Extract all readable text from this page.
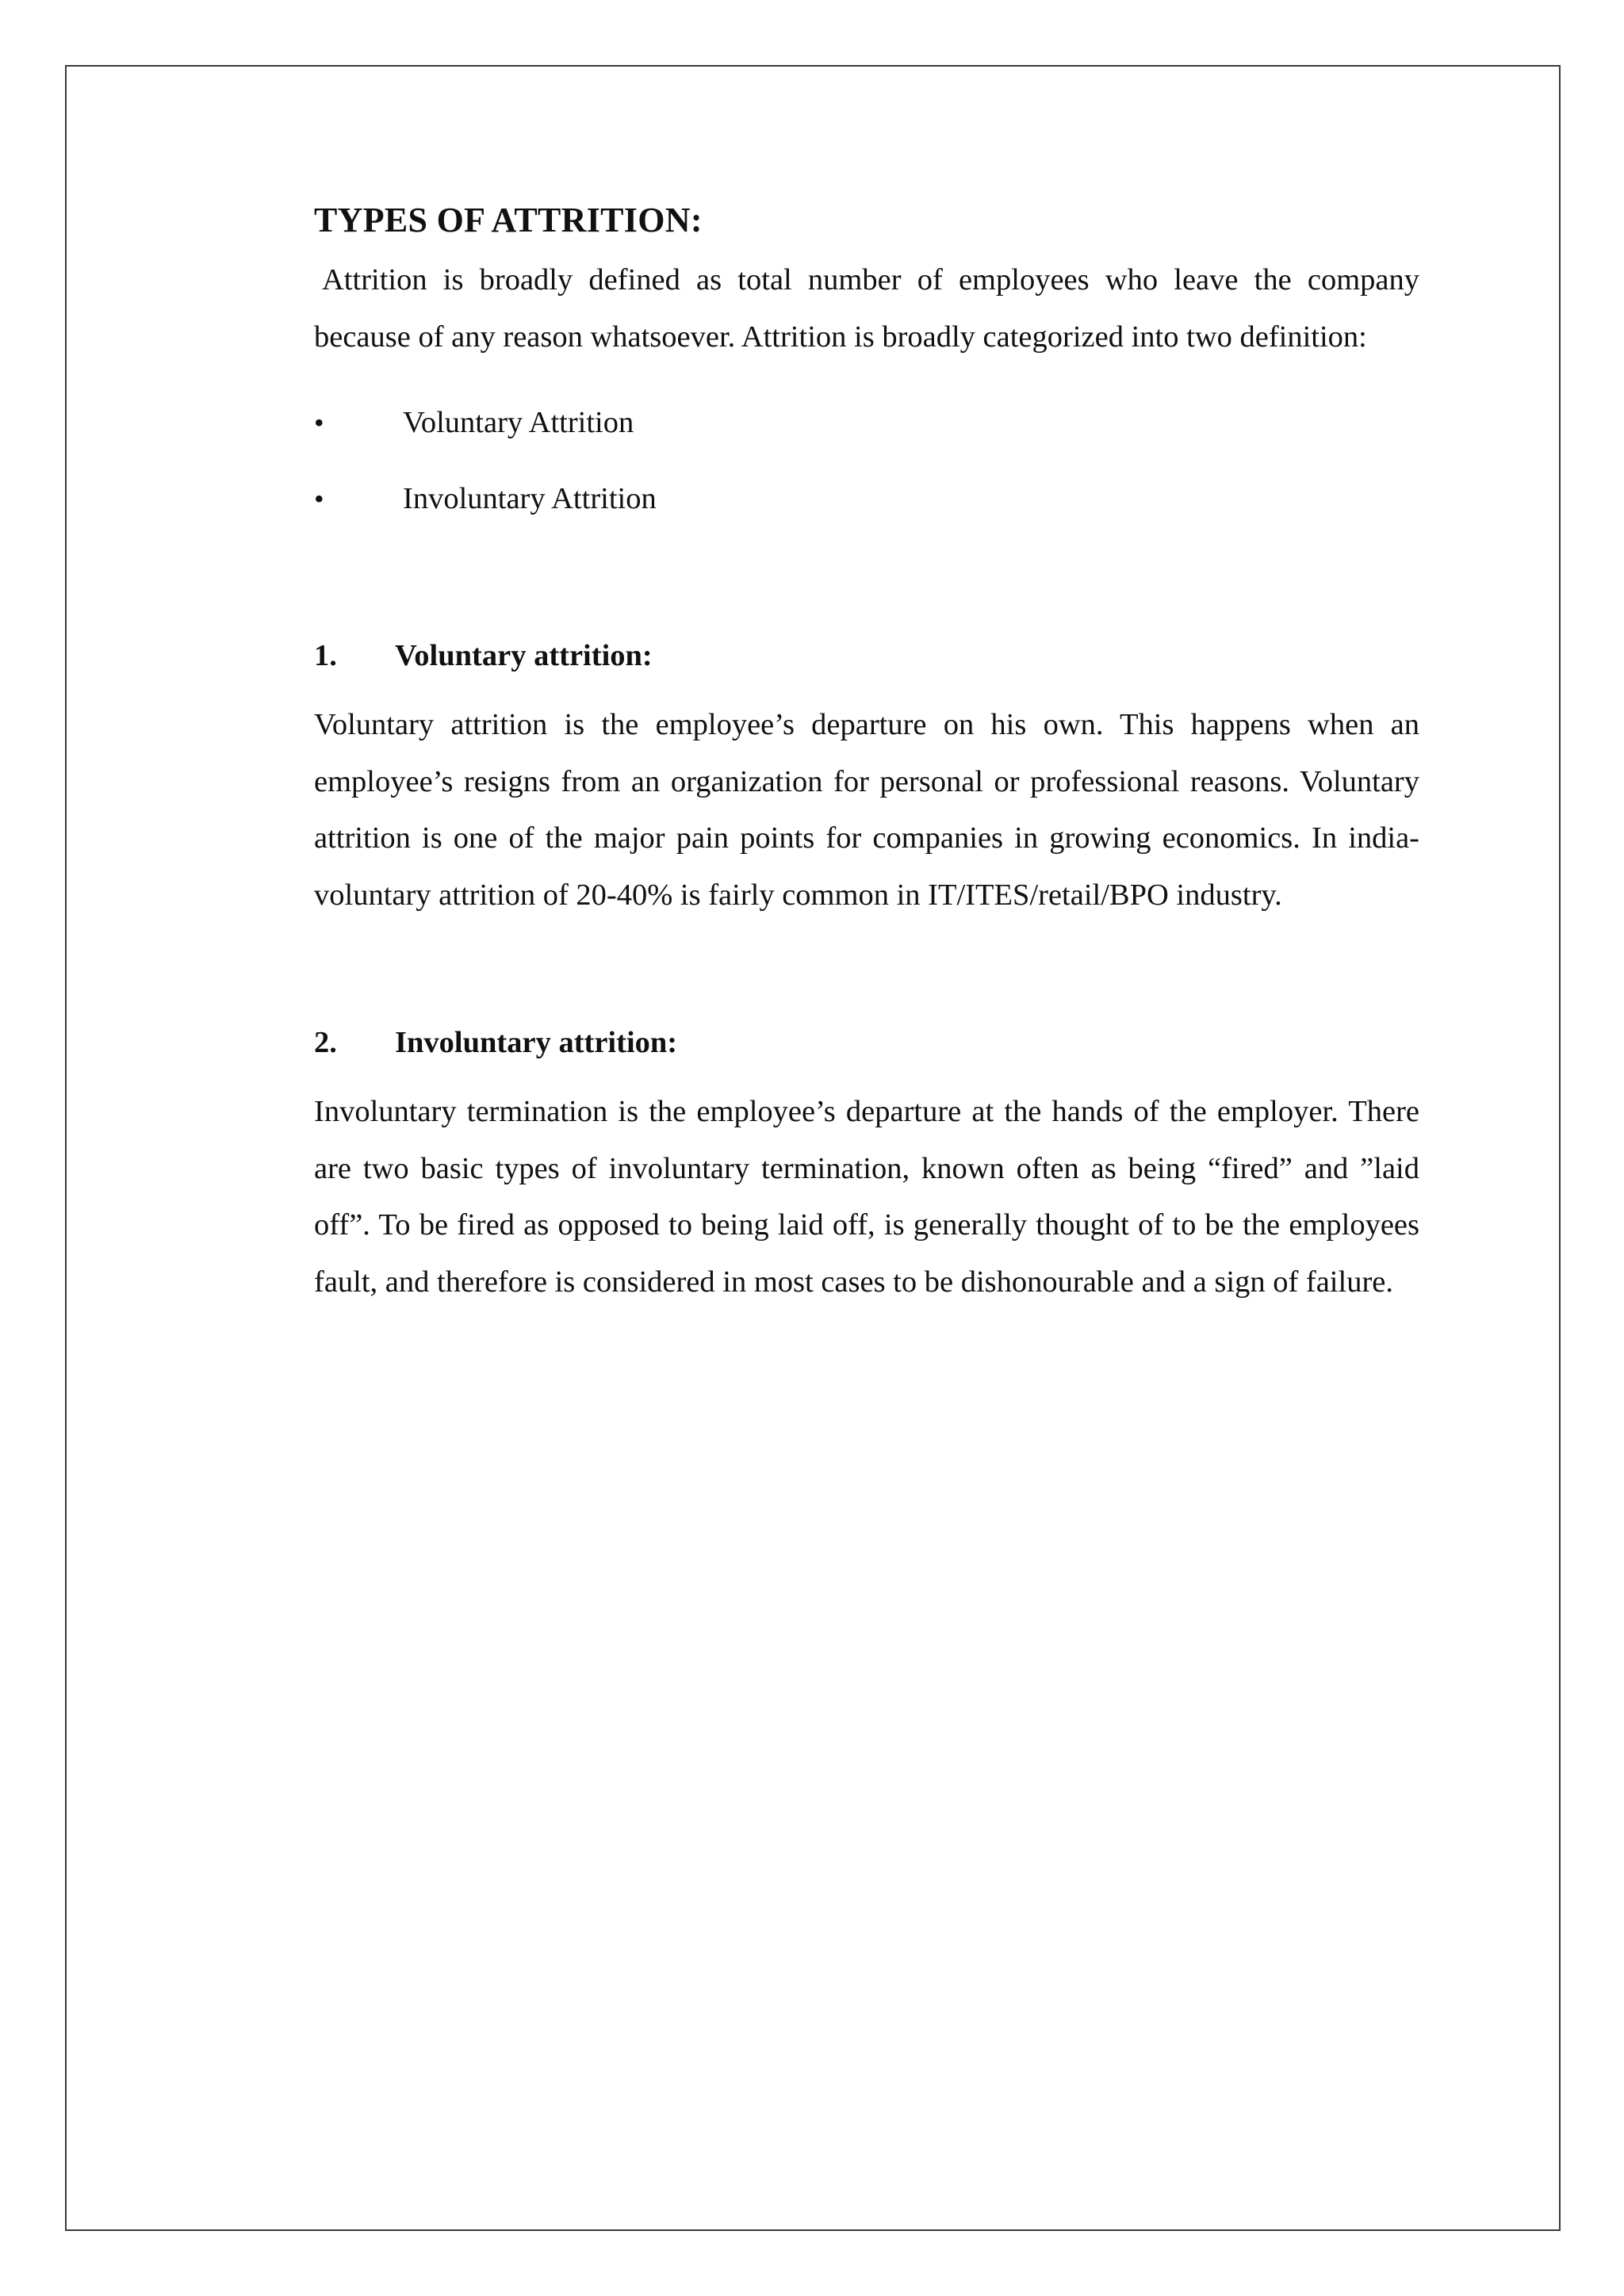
TYPES OF ATTRITION:

Attrition is broadly defined as total number of employees who leave the company because of any reason whatsoever. Attrition is broadly categorized into two definition:

•	Voluntary Attrition
•	Involuntary Attrition
1.	Voluntary attrition:

Voluntary attrition is the employee’s departure on his own. This happens when an employee’s resigns from an organization for personal or professional reasons. Voluntary attrition is one of the major pain points for companies in growing economics. In india-voluntary attrition of 20-40% is fairly common in IT/ITES/retail/BPO industry.

2.	Involuntary attrition:

Involuntary termination is the employee’s departure at the hands of the employer. There are two basic types of involuntary termination, known often as being “fired” and ”laid off”. To be fired as opposed to being laid off, is generally thought of to be the employees fault, and therefore is considered in most cases to be dishonourable and a sign of failure.
